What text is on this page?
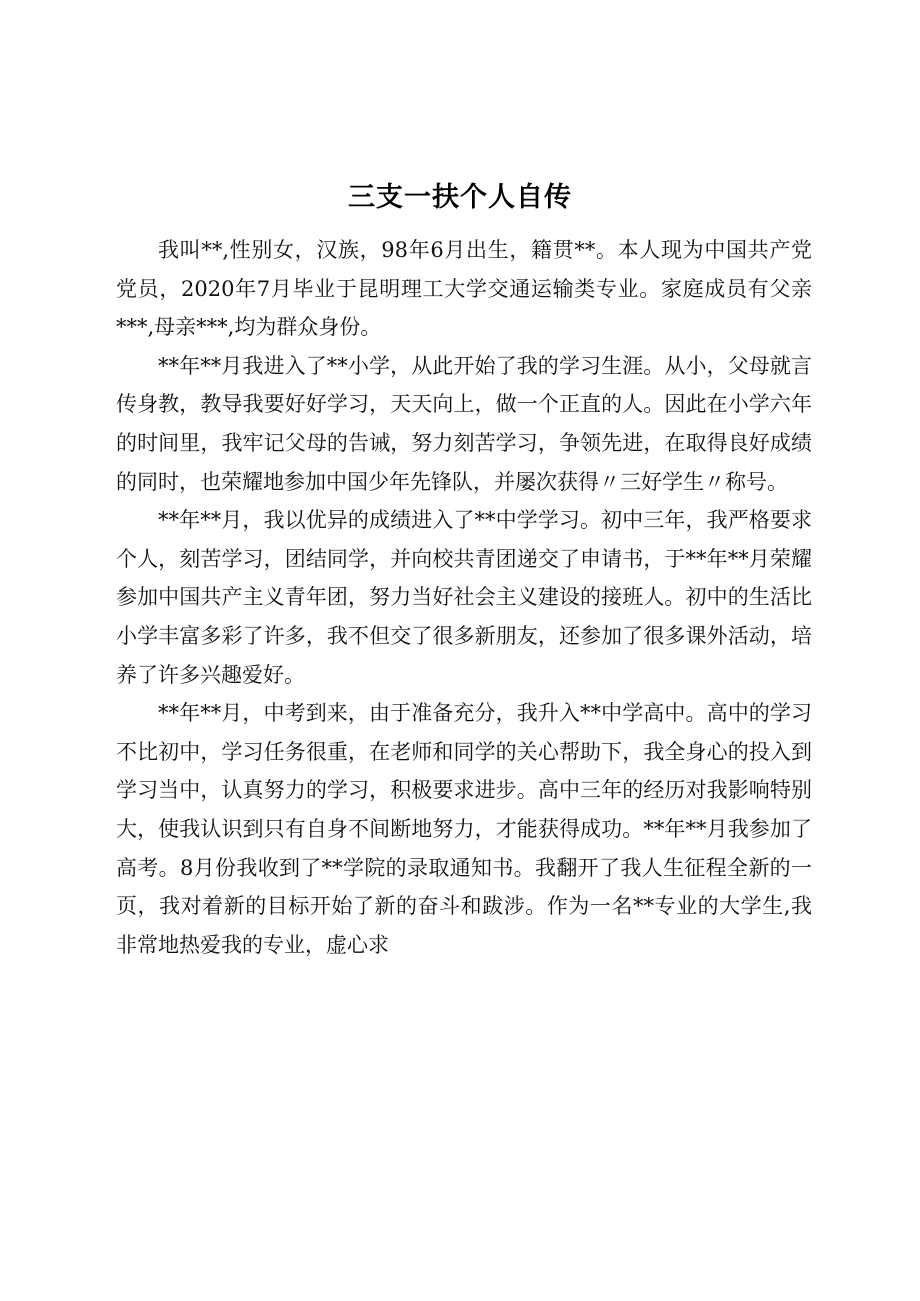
三支一扶个人自传

我叫**,性别女，汉族，98年6月出生，籍贯**。本人现为中国共产党党员，2020年7月毕业于昆明理工大学交通运输类专业。家庭成员有父亲***,母亲***,均为群众身份。

**年**月我进入了**小学，从此开始了我的学习生涯。从小，父母就言传身教，教导我要好好学习，天天向上，做一个正直的人。因此在小学六年的时间里，我牢记父母的告诫，努力刻苦学习，争领先进，在取得良好成绩的同时，也荣耀地参加中国少年先锋队，并屡次获得〃三好学生〃称号。

**年**月，我以优异的成绩进入了**中学学习。初中三年，我严格要求个人，刻苦学习，团结同学，并向校共青团递交了申请书，于**年**月荣耀参加中国共产主义青年团，努力当好社会主义建设的接班人。初中的生活比小学丰富多彩了许多，我不但交了很多新朋友，还参加了很多课外活动，培养了许多兴趣爱好。

**年**月，中考到来，由于准备充分，我升入**中学高中。高中的学习不比初中，学习任务很重，在老师和同学的关心帮助下，我全身心的投入到学习当中，认真努力的学习，积极要求进步。高中三年的经历对我影响特别大，使我认识到只有自身不间断地努力，才能获得成功。**年**月我参加了高考。8月份我收到了**学院的录取通知书。我翻开了我人生征程全新的一页，我对着新的目标开始了新的奋斗和跋涉。作为一名**专业的大学生,我非常地热爱我的专业，虚心求
